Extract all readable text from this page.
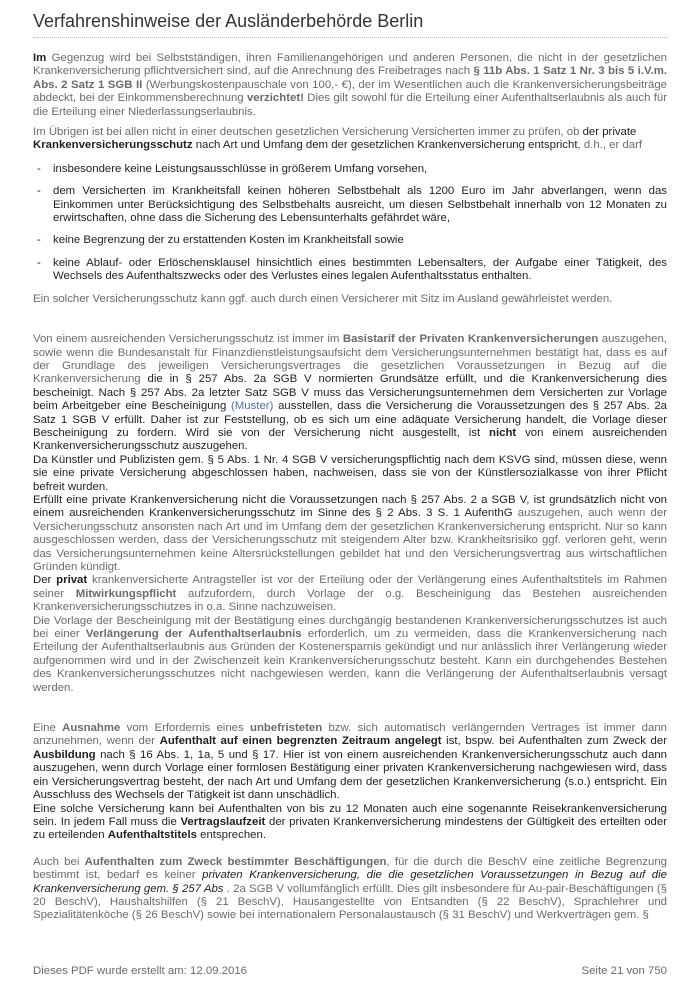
Verfahrenshinweise der Ausländerbehörde Berlin

Im Gegenzug wird bei Selbstständigen, ihren Familienangehörigen und anderen Personen, die nicht in der gesetzlichen Krankenversicherung pflichtversichert sind, auf die Anrechnung des Freibetrages nach § 11b Abs. 1 Satz 1 Nr. 3 bis 5 i.V.m. Abs. 2 Satz 1 SGB II (Werbungskostenpauschale von 100,- €), der im Wesentlichen auch die Krankenversicherungsbeiträge abdeckt, bei der Einkommensberechnung verzichtet! Dies gilt sowohl für die Erteilung einer Aufenthaltserlaubnis als auch für die Erteilung einer Niederlassungserlaubnis.

Im Übrigen ist bei allen nicht in einer deutschen gesetzlichen Versicherung Versicherten immer zu prüfen, ob der private
Krankenversicherungsschutz nach Art und Umfang dem der gesetzlichen Krankenversicherung entspricht, d.h., er darf

- insbesondere keine Leistungsausschlüsse in größerem Umfang vorsehen,
- dem Versicherten im Krankheitsfall keinen höheren Selbstbehalt als 1200 Euro im Jahr abverlangen, wenn das Einkommen unter Berücksichtigung des Selbstbehalts ausreicht, um diesen Selbstbehalt innerhalb von 12 Monaten zu erwirtschaften, ohne dass die Sicherung des Lebensunterhalts gefährdet wäre,
- keine Begrenzung der zu erstattenden Kosten im Krankheitsfall sowie
- keine Ablauf- oder Erlöschensklausel hinsichtlich eines bestimmten Lebensalters, der Aufgabe einer Tätigkeit, des Wechsels des Aufenthaltszwecks oder des Verlustes eines legalen Aufenthaltsstatus enthalten.

Ein solcher Versicherungsschutz kann ggf. auch durch einen Versicherer mit Sitz im Ausland gewährleistet werden.

Von einem ausreichenden Versicherungsschutz ist immer im Basistarif der Privaten Krankenversicherungen auszugehen, sowie wenn die Bundesanstalt für Finanzdienstleistungsaufsicht dem Versicherungsunternehmen bestätigt hat, dass es auf der Grundlage des jeweiligen Versicherungsvertrages die gesetzlichen Voraussetzungen in Bezug auf die Krankenversicherung die in § 257 Abs. 2a SGB V normierten Grundsätze erfüllt, und die Krankenversicherung dies bescheinigt. Nach § 257 Abs. 2a letzter Satz SGB V muss das Versicherungsunternehmen dem Versicherten zur Vorlage beim Arbeitgeber eine Bescheinigung (Muster) ausstellen, dass die Versicherung die Voraussetzungen des § 257 Abs. 2a Satz 1 SGB V erfüllt. Daher ist zur Feststellung, ob es sich um eine adäquate Versicherung handelt, die Vorlage dieser Bescheinigung zu fordern. Wird sie von der Versicherung nicht ausgestellt, ist nicht von einem ausreichenden Krankenversicherungsschutz auszugehen.
Da Künstler und Publizisten gem. § 5 Abs. 1 Nr. 4 SGB V versicherungspflichtig nach dem KSVG sind, müssen diese, wenn sie eine private Versicherung abgeschlossen haben, nachweisen, dass sie von der Künstlersozialkasse von ihrer Pflicht befreit wurden.
Erfüllt eine private Krankenversicherung nicht die Voraussetzungen nach § 257 Abs. 2 a SGB V, ist grundsätzlich nicht von einem ausreichenden Krankenversicherungsschutz im Sinne des § 2 Abs. 3 S. 1 AufenthG auszugehen, auch wenn der Versicherungsschutz ansonsten nach Art und im Umfang dem der gesetzlichen Krankenversicherung entspricht. Nur so kann ausgeschlossen werden, dass der Versicherungsschutz mit steigendem Alter bzw. Krankheitsrisiko ggf. verloren geht, wenn das Versicherungsunternehmen keine Altersrückstellungen gebildet hat und den Versicherungsvertrag aus wirtschaftlichen Gründen kündigt.
Der privat krankenversicherte Antragsteller ist vor der Erteilung oder der Verlängerung eines Aufenthaltstitels im Rahmen seiner Mitwirkungspflicht aufzufordern, durch Vorlage der o.g. Bescheinigung das Bestehen ausreichenden Krankenversicherungsschutzes in o.a. Sinne nachzuweisen.
Die Vorlage der Bescheinigung mit der Bestätigung eines durchgängig bestandenen Krankenversicherungsschutzes ist auch bei einer Verlängerung der Aufenthaltserlaubnis erforderlich, um zu vermeiden, dass die Krankenversicherung nach Erteilung der Aufenthaltserlaubnis aus Gründen der Kostenersparnis gekündigt und nur anlässlich ihrer Verlängerung wieder aufgenommen wird und in der Zwischenzeit kein Krankenversicherungsschutz besteht. Kann ein durchgehendes Bestehen des Krankenversicherungsschutzes nicht nachgewiesen werden, kann die Verlängerung der Aufenthaltserlaubnis versagt werden.

Eine Ausnahme vom Erfordernis eines unbefristeten bzw. sich automatisch verlängernden Vertrages ist immer dann anzunehmen, wenn der Aufenthalt auf einen begrenzten Zeitraum angelegt ist, bspw. bei Aufenthalten zum Zweck der Ausbildung nach § 16 Abs. 1, 1a, 5 und § 17. Hier ist von einem ausreichenden Krankenversicherungsschutz auch dann auszugehen, wenn durch Vorlage einer formlosen Bestätigung einer privaten Krankenversicherung nachgewiesen wird, dass ein Versicherungsvertrag besteht, der nach Art und Umfang dem der gesetzlichen Krankenversicherung (s.o.) entspricht. Ein Ausschluss des Wechsels der Tätigkeit ist dann unschädlich.
Eine solche Versicherung kann bei Aufenthalten von bis zu 12 Monaten auch eine sogenannte Reisekrankenversicherung sein. In jedem Fall muss die Vertragslaufzeit der privaten Krankenversicherung mindestens der Gültigkeit des erteilten oder zu erteilenden Aufenthaltstitels entsprechen.

Auch bei Aufenthalten zum Zweck bestimmter Beschäftigungen, für die durch die BeschV eine zeitliche Begrenzung bestimmt ist, bedarf es keiner privaten Krankenversicherung, die die gesetzlichen Voraussetzungen in Bezug auf die Krankenversicherung gem. § 257 Abs . 2a SGB V vollumfänglich erfüllt. Dies gilt insbesondere für Au-pair-Beschäftigungen (§ 20 BeschV), Haushaltshilfen (§ 21 BeschV), Hausangestellte von Entsandten (§ 22 BeschV), Sprachlehrer und Spezialitätenköche (§ 26 BeschV) sowie bei internationalem Personalaustausch (§ 31 BeschV) und Werkverträgen gem. §

Dieses PDF wurde erstellt am: 12.09.2016	Seite 21 von 750
